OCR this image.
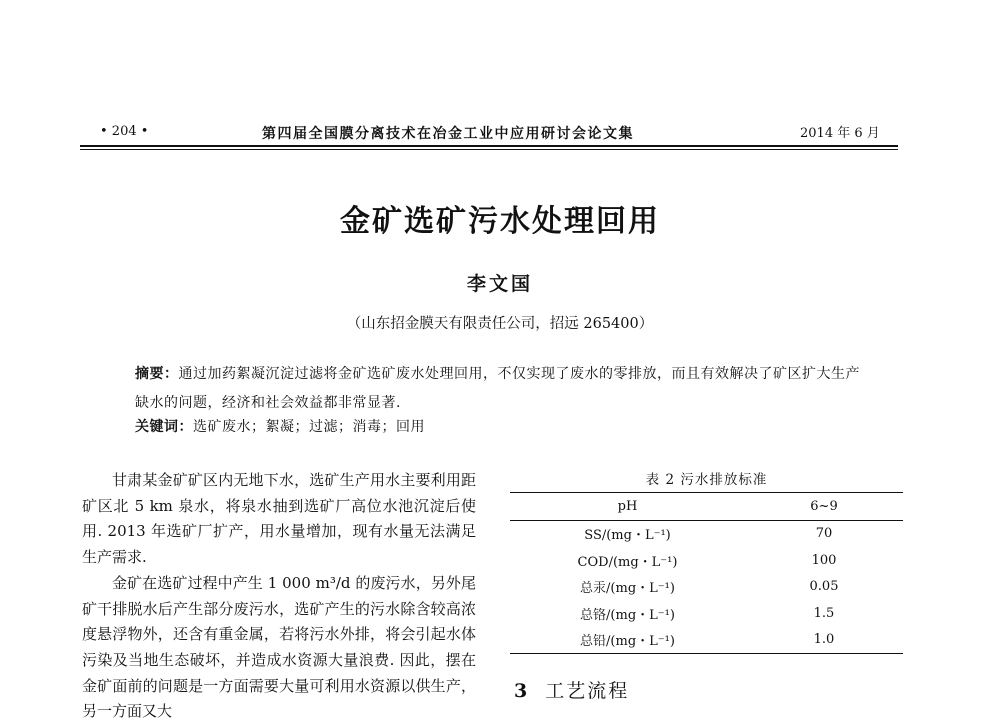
• 204 •	第四届全国膜分离技术在冶金工业中应用研讨会论文集	2014 年 6 月
金矿选矿污水处理回用
李文国
（山东招金膜天有限责任公司，招远 265400）
摘要：通过加药絮凝沉淀过滤将金矿选矿废水处理回用，不仅实现了废水的零排放，而且有效解决了矿区扩大生产缺水的问题，经济和社会效益都非常显著.
关键词：选矿废水；絮凝；过滤；消毒；回用

甘肃某金矿矿区内无地下水，选矿生产用水主要利用距矿区北 5 km 泉水，将泉水抽到选矿厂高位水池沉淀后使用. 2013 年选矿厂扩产，用水量增加，现有水量无法满足生产需求.

金矿在选矿过程中产生 1 000 m³/d 的废污水，另外尾矿干排脱水后产生部分废污水，选矿产生的污水除含较高浓度悬浮物外，还含有重金属，若将污水外排，将会引起水体污染及当地生态破坏，并造成水资源大量浪费. 因此，摆在金矿面前的问题是一方面需要大量可利用水资源以供生产，另一方面又大

表 2 污水排放标准
pH	6~9
SS/(mg・L⁻¹)	70
COD/(mg・L⁻¹)	100
总汞/(mg・L⁻¹)	0.05
总铬/(mg・L⁻¹)	1.5
总铅/(mg・L⁻¹)	1.0
3 工艺流程
